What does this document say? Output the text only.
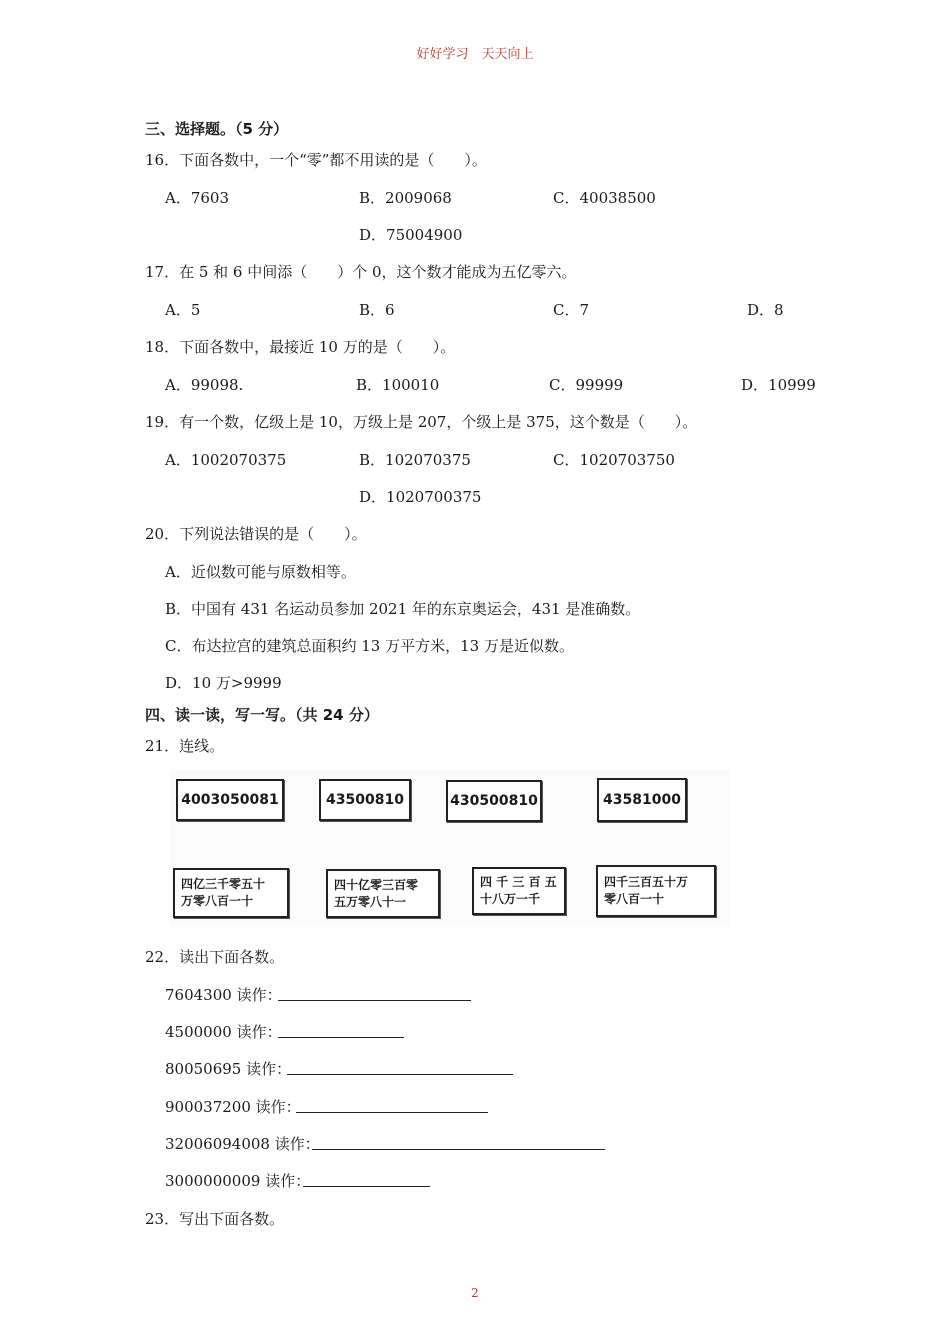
好好学习　天天向上
三、选择题。（5 分）
16．下面各数中，一个“零”都不用读的是（　　）。
A．7603	B．2009068	C．40038500
D．75004900
17．在 5 和 6 中间添（　　）个 0，这个数才能成为五亿零六。
A．5	B．6	C．7	D．8
18．下面各数中，最接近 10 万的是（　　）。
A．99098.	B．100010	C．99999	D．10999
19．有一个数，亿级上是 10，万级上是 207，个级上是 375，这个数是（　　）。
A．1002070375	B．102070375	C．1020703750
D．1020700375
20．下列说法错误的是（　　）。
A．近似数可能与原数相等。
B．中国有 431 名运动员参加 2021 年的东京奥运会，431 是准确数。
C．布达拉宫的建筑总面积约 13 万平方米，13 万是近似数。
D．10 万>9999
四、读一读，写一写。（共 24 分）
21．连线。
4003050081	43500810	430500810	43581000
四亿三千零五十
万零八百一十
四十亿零三百零
五万零八十一
四 千 三 百 五
十八万一千
四千三百五十万
零八百一十
22．读出下面各数。
7604300 读作：
4500000 读作：
80050695 读作：
900037200 读作：
32006094008 读作：
3000000009 读作：
23．写出下面各数。
2
